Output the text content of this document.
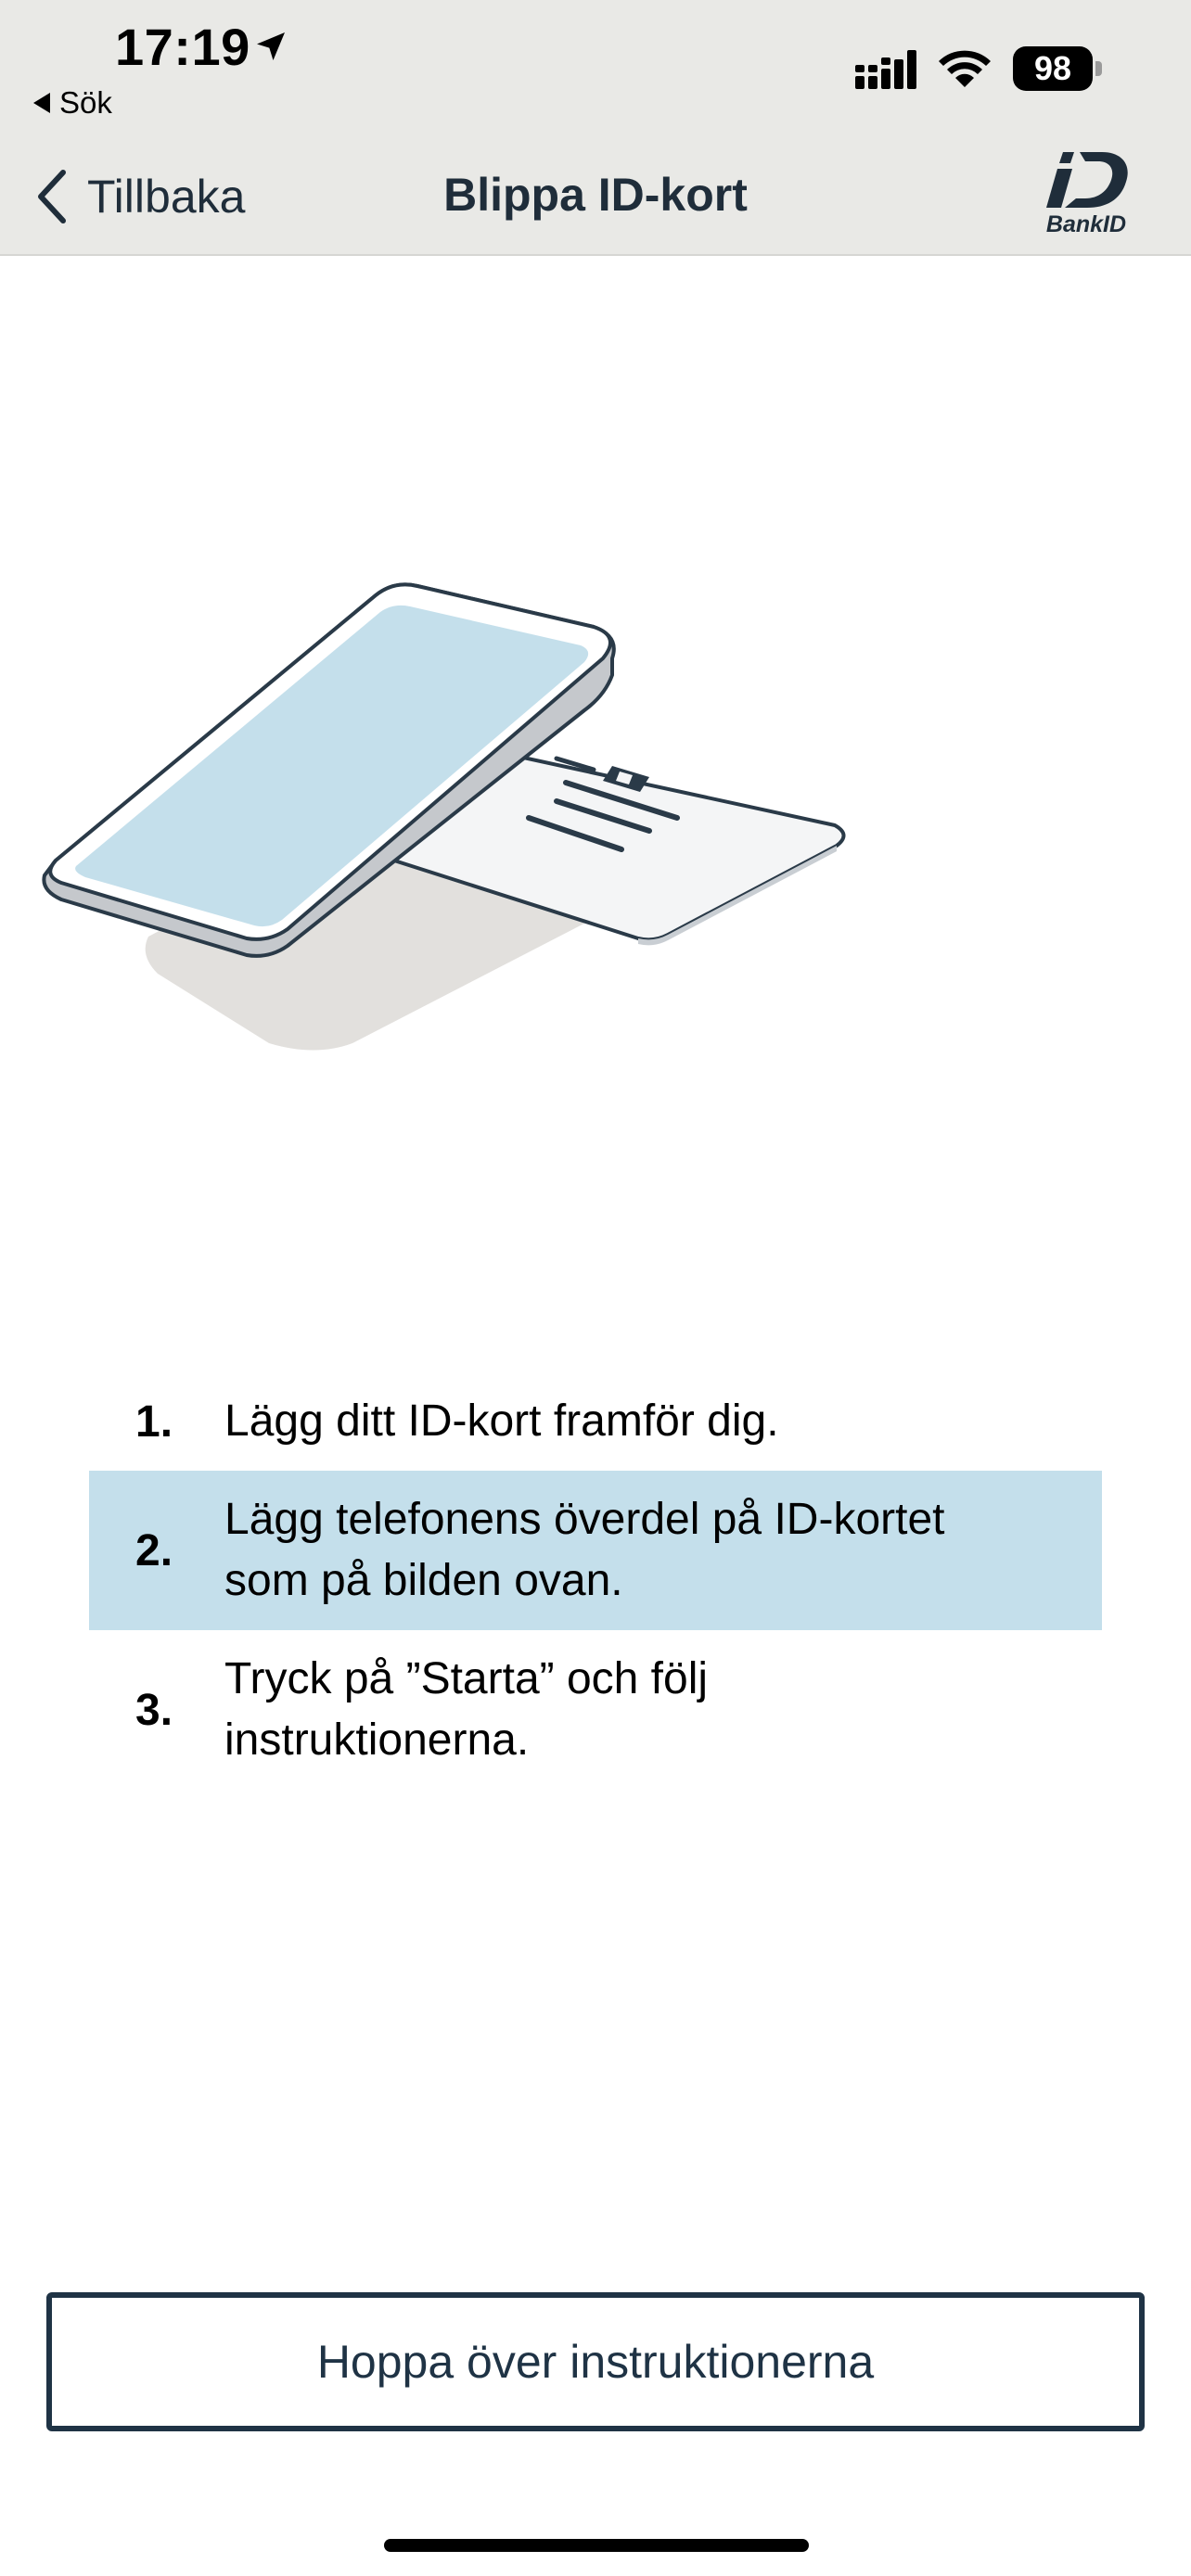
17:19
Sök
98
Tillbaka	Blippa ID-kort
BankID
1.	Lägg ditt ID-kort framför dig.
2.
Lägg telefonens överdel på ID-kortet som på bilden ovan.
3.
Tryck på ”Starta” och följ instruktionerna.
Hoppa över instruktionerna
